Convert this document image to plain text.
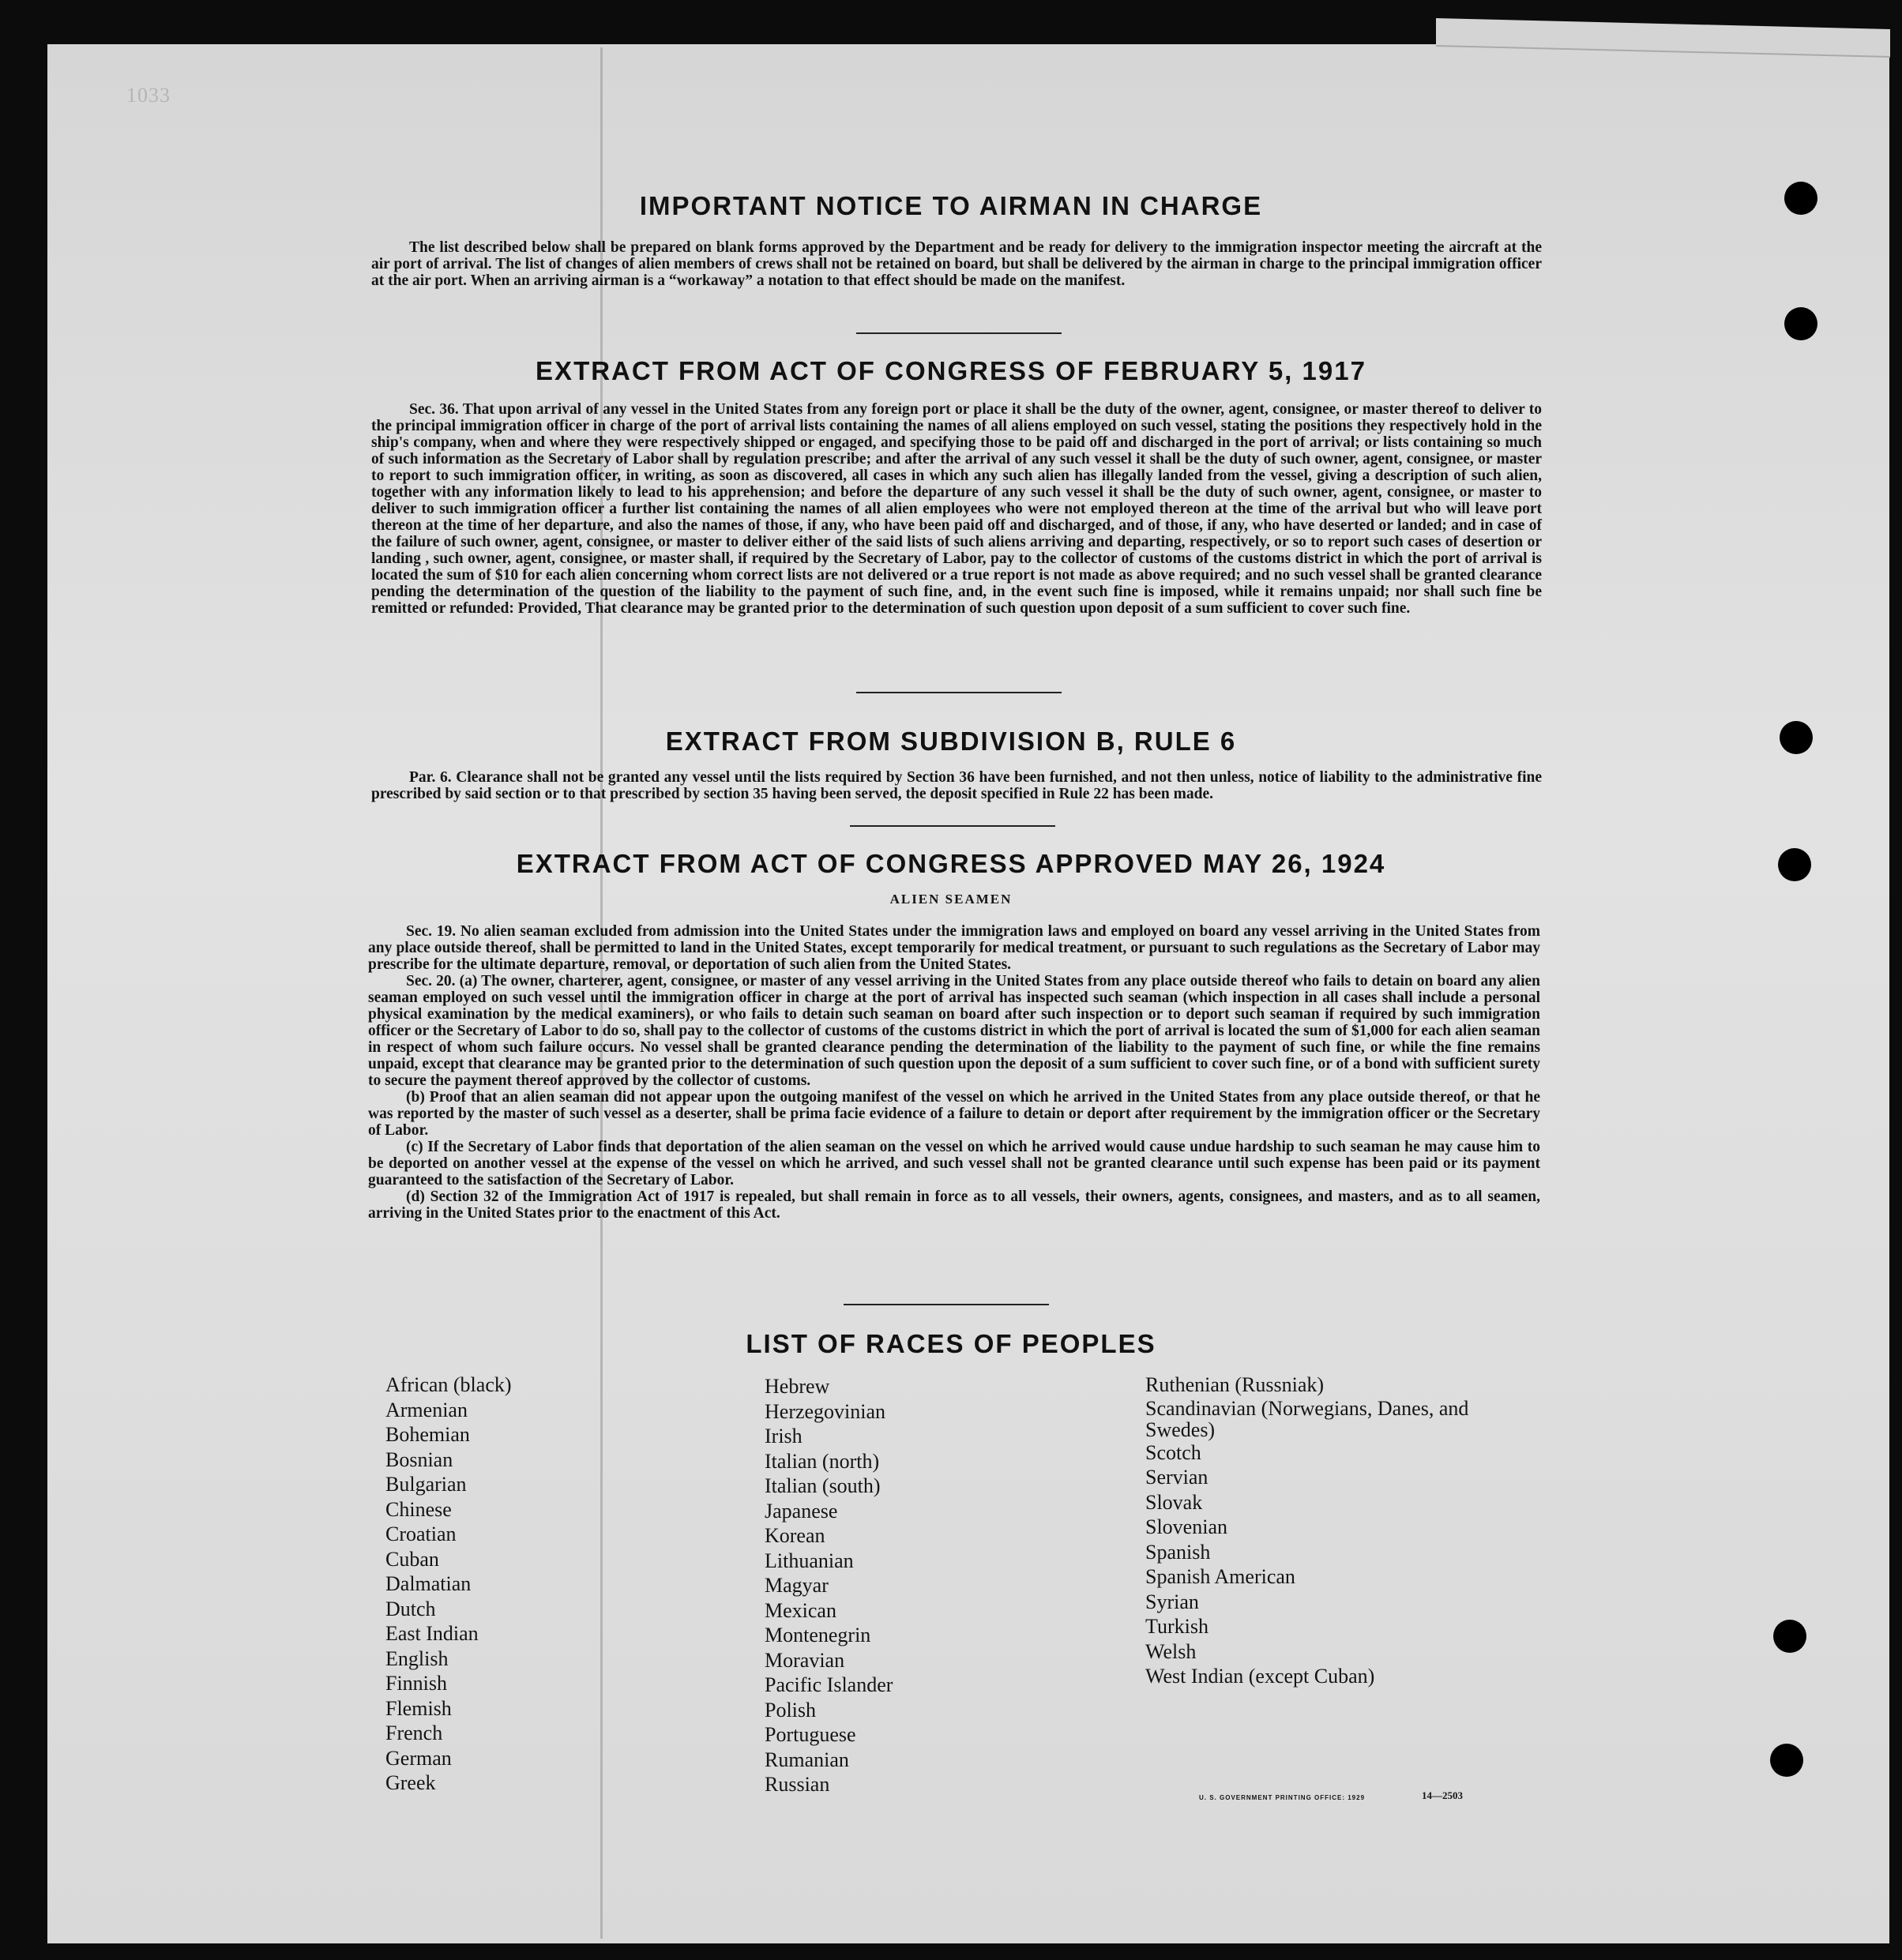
1033
IMPORTANT NOTICE TO AIRMAN IN CHARGE

The list described below shall be prepared on blank forms approved by the Department and be ready for delivery to the immigration inspector meeting the aircraft at the air port of arrival. The list of changes of alien members of crews shall not be retained on board, but shall be delivered by the airman in charge to the principal immigration officer at the air port. When an arriving airman is a “workaway” a notation to that effect should be made on the manifest.

EXTRACT FROM ACT OF CONGRESS OF FEBRUARY 5, 1917

Sec. 36. That upon arrival of any vessel in the United States from any foreign port or place it shall be the duty of the owner, agent, consignee, or master thereof to deliver to the principal immigration officer in charge of the port of arrival lists containing the names of all aliens employed on such vessel, stating the positions they respectively hold in the ship's company, when and where they were respectively shipped or engaged, and specifying those to be paid off and discharged in the port of arrival; or lists containing so much of such information as the Secretary of Labor shall by regulation prescribe; and after the arrival of any such vessel it shall be the duty of such owner, agent, consignee, or master to report to such immigration officer, in writing, as soon as discovered, all cases in which any such alien has illegally landed from the vessel, giving a description of such alien, together with any information likely to lead to his apprehension; and before the departure of any such vessel it shall be the duty of such owner, agent, consignee, or master to deliver to such immigration officer a further list containing the names of all alien employees who were not employed thereon at the time of the arrival but who will leave port thereon at the time of her departure, and also the names of those, if any, who have been paid off and discharged, and of those, if any, who have deserted or landed; and in case of the failure of such owner, agent, consignee, or master to deliver either of the said lists of such aliens arriving and departing, respectively, or so to report such cases of desertion or landing , such owner, agent, consignee, or master shall, if required by the Secretary of Labor, pay to the collector of customs of the customs district in which the port of arrival is located the sum of $10 for each alien concerning whom correct lists are not delivered or a true report is not made as above required; and no such vessel shall be granted clearance pending the determination of the question of the liability to the payment of such fine, and, in the event such fine is imposed, while it remains unpaid; nor shall such fine be remitted or refunded: Provided, That clearance may be granted prior to the determination of such question upon deposit of a sum sufficient to cover such fine.

EXTRACT FROM SUBDIVISION B, RULE 6

Par. 6. Clearance shall not be granted any vessel until the lists required by Section 36 have been furnished, and not then unless, notice of liability to the administrative fine prescribed by said section or to that prescribed by section 35 having been served, the deposit specified in Rule 22 has been made.

EXTRACT FROM ACT OF CONGRESS APPROVED MAY 26, 1924
ALIEN SEAMEN

Sec. 19. No alien seaman excluded from admission into the United States under the immigration laws and employed on board any vessel arriving in the United States from any place outside thereof, shall be permitted to land in the United States, except temporarily for medical treatment, or pursuant to such regulations as the Secretary of Labor may prescribe for the ultimate departure, removal, or deportation of such alien from the United States.

Sec. 20. (a) The owner, charterer, agent, consignee, or master of any vessel arriving in the United States from any place outside thereof who fails to detain on board any alien seaman employed on such vessel until the immigration officer in charge at the port of arrival has inspected such seaman (which inspection in all cases shall include a personal physical examination by the medical examiners), or who fails to detain such seaman on board after such inspection or to deport such seaman if required by such immigration officer or the Secretary of Labor to do so, shall pay to the collector of customs of the customs district in which the port of arrival is located the sum of $1,000 for each alien seaman in respect of whom such failure occurs. No vessel shall be granted clearance pending the determination of the liability to the payment of such fine, or while the fine remains unpaid, except that clearance may be granted prior to the determination of such question upon the deposit of a sum sufficient to cover such fine, or of a bond with sufficient surety to secure the payment thereof approved by the collector of customs.

(b) Proof that an alien seaman did not appear upon the outgoing manifest of the vessel on which he arrived in the United States from any place outside thereof, or that he was reported by the master of such vessel as a deserter, shall be prima facie evidence of a failure to detain or deport after requirement by the immigration officer or the Secretary of Labor.

(c) If the Secretary of Labor finds that deportation of the alien seaman on the vessel on which he arrived would cause undue hardship to such seaman he may cause him to be deported on another vessel at the expense of the vessel on which he arrived, and such vessel shall not be granted clearance until such expense has been paid or its payment guaranteed to the satisfaction of the Secretary of Labor.

(d) Section 32 of the Immigration Act of 1917 is repealed, but shall remain in force as to all vessels, their owners, agents, consignees, and masters, and as to all seamen, arriving in the United States prior to the enactment of this Act.

LIST OF RACES OF PEOPLES
African (black)
Armenian
Bohemian
Bosnian
Bulgarian
Chinese
Croatian
Cuban
Dalmatian
Dutch
East Indian
English
Finnish
Flemish
French
German
Greek
Hebrew
Herzegovinian
Irish
Italian (north)
Italian (south)
Japanese
Korean
Lithuanian
Magyar
Mexican
Montenegrin
Moravian
Pacific Islander
Polish
Portuguese
Rumanian
Russian
Ruthenian (Russniak)
Scandinavian (Norwegians, Danes, and Swedes)
Scotch
Servian
Slovak
Slovenian
Spanish
Spanish American
Syrian
Turkish
Welsh
West Indian (except Cuban)
U. S. GOVERNMENT PRINTING OFFICE: 1929	14—2503
